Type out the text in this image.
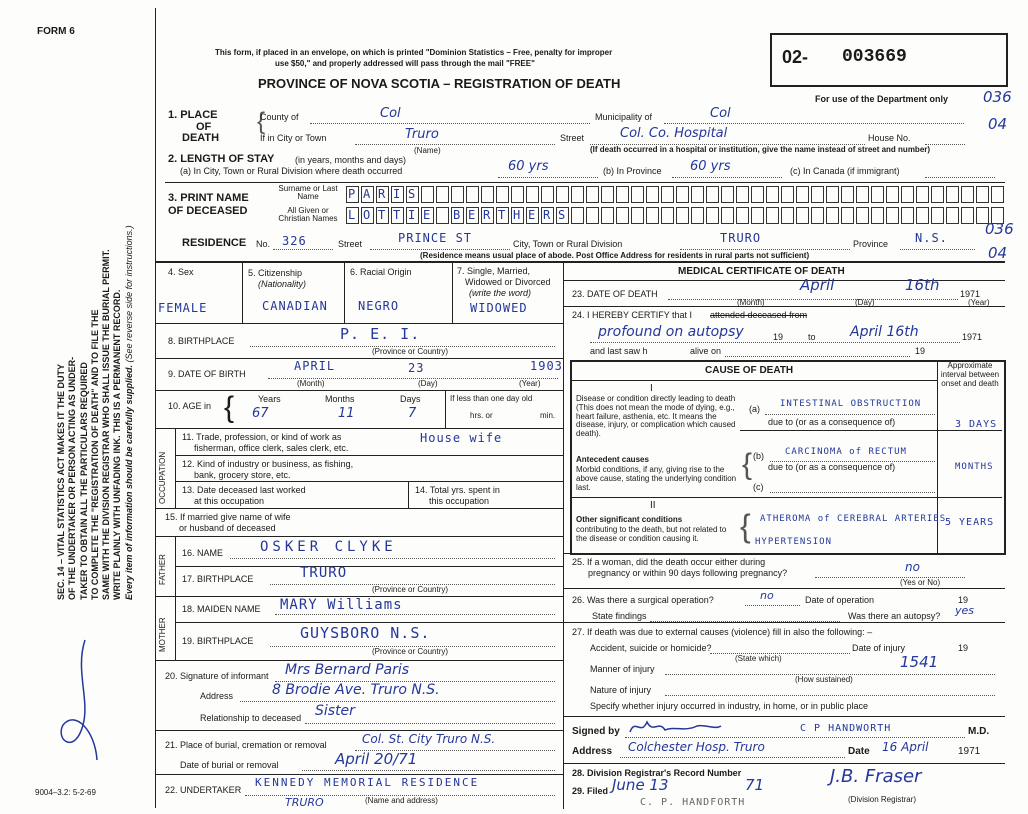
FORM 6
SEC. 14 – VITAL STATISTICS ACT MAKES IT THE DUTY OF THE UNDERTAKER OR PERSON ACTING AS UNDER- TAKER TO OBTAIN ALL THE PARTICULARS REQUIRED TO COMPLETE THE "REGISTRATION OF DEATH" AND TO FILE THE SAME WITH THE DIVISION REGISTRAR WHO SHALL ISSUE THE BURIAL PERMIT. WRITE PLAINLY WITH UNFADING INK. THIS IS A PERMANENT RECORD. Every item of information should be carefully supplied. (See reverse side for instructions.)
9004–3.2: 5-2-69
This form, if placed in an envelope, on which is printed "Dominion Statistics – Free, penalty for improper
use $50," and properly addressed will pass through the mail "FREE"
PROVINCE OF NOVA SCOTIA – REGISTRATION OF DEATH
02- 003669
For use of the Department only 036
04
1. PLACE
OF
DEATH
{
County of	Col	Municipality of	Col
If in City or Town	Truro
(Name)
Street	Col. Co. Hospital	House No.
(If death occurred in a hospital or institution, give the name instead of street and number)
2. LENGTH OF STAY (in years, months and days)
(a) In City, Town or Rural Division where death occurred	60 yrs	(b) In Province 60 yrs	(c) In Canada (if immigrant)
3. PRINT NAME
OF DECEASED
Surname or Last Name
All Given or Christian Names
P A R I S
L O T T I E B E R T H E R S
RESIDENCE No. 326	Street	PRINCE ST	City, Town or Rural Division	TRURO	Province N.S. 036
04
(Residence means usual place of abode. Post Office Address for residents in rural parts not sufficient)
4. Sex	5. Citizenship
(Nationality)
6. Racial Origin	7. Single, Married,
Widowed or Divorced
(write the word)
FEMALE	CANADIAN	NEGRO	WIDOWED
8. BIRTHPLACE	P. E. I.
(Province or Country)
9. DATE OF BIRTH
APRIL	23	1903
(Month)	(Day)	(Year)
10. AGE in {	Years	Months	Days
67	11	7
If less than one day old
hrs. or	min.
OCCUPATION
11. Trade, profession, or kind of work as
fisherman, office clerk, sales clerk, etc.
House wife
12. Kind of industry or business, as fishing,
bank, grocery store, etc.
13. Date deceased last worked
at this occupation
14. Total yrs. spent in
this occupation
15. If married give name of wife
or husband of deceased
FATHER
16. NAME	OSKER CLYKE
17. BIRTHPLACE	TRURO
(Province or Country)
MOTHER
18. MAIDEN NAME MARY Williams
19. BIRTHPLACE	GUYSBORO N.S.
(Province or Country)
20. Signature of informant Mrs Bernard Paris
Address	8 Brodie Ave. Truro N.S.
Relationship to deceased Sister
21. Place of burial, cremation or removal	Col. St. City Truro N.S.
Date of burial or removal	April 20/71
22. UNDERTAKER
KENNEDY MEMORIAL RESIDENCE
TRURO	(Name and address)
MEDICAL CERTIFICATE OF DEATH
23. DATE OF DEATH	April	16th 1971
(Month)	(Day)	(Year)
24. I HEREBY CERTIFY that I attended deceased from
profound on autopsy	19	to April 16th	1971
and last saw h	alive on	19
CAUSE OF DEATH	Approximate interval between onset and death
I
Disease or condition directly leading to death (This does not mean the mode of dying, e.g., heart failure, asthenia, etc. It means the disease, injury, or complication which caused death).
(a) INTESTINAL OBSTRUCTION
due to (or as a consequence of)	3 DAYS
Antecedent causes
Morbid conditions, if any, giving rise to the above cause, stating the underlying condition last.
{ (b) CARCINOMA of RECTUM
due to (or as a consequence of)	MONTHS
(c)
II
Other significant conditions
contributing to the death, but not related to the disease or condition causing it.	{ ATHEROMA of CEREBRAL ARTERIES
HYPERTENSION
5 YEARS
25. If a woman, did the death occur either during
pregnancy or within 90 days following pregnancy?	no
(Yes or No)
26. Was there a surgical operation?	no	Date of operation	19
State findings	Was there an autopsy? yes
27. If death was due to external causes (violence) fill in also the following: –
Accident, suicide or homicide?	Date of injury	19
(State which)
Manner of injury	1541
(How sustained)
Nature of injury
Specify whether injury occurred in industry, in home, or in public place
Signed by	C P HANDWORTH	M.D.
Address Colchester Hosp. Truro	Date 16 April	1971
28. Division Registrar's Record Number
29. Filed June 13	71	J.B. Fraser
(Division Registrar)
C. P. HANDFORTH
